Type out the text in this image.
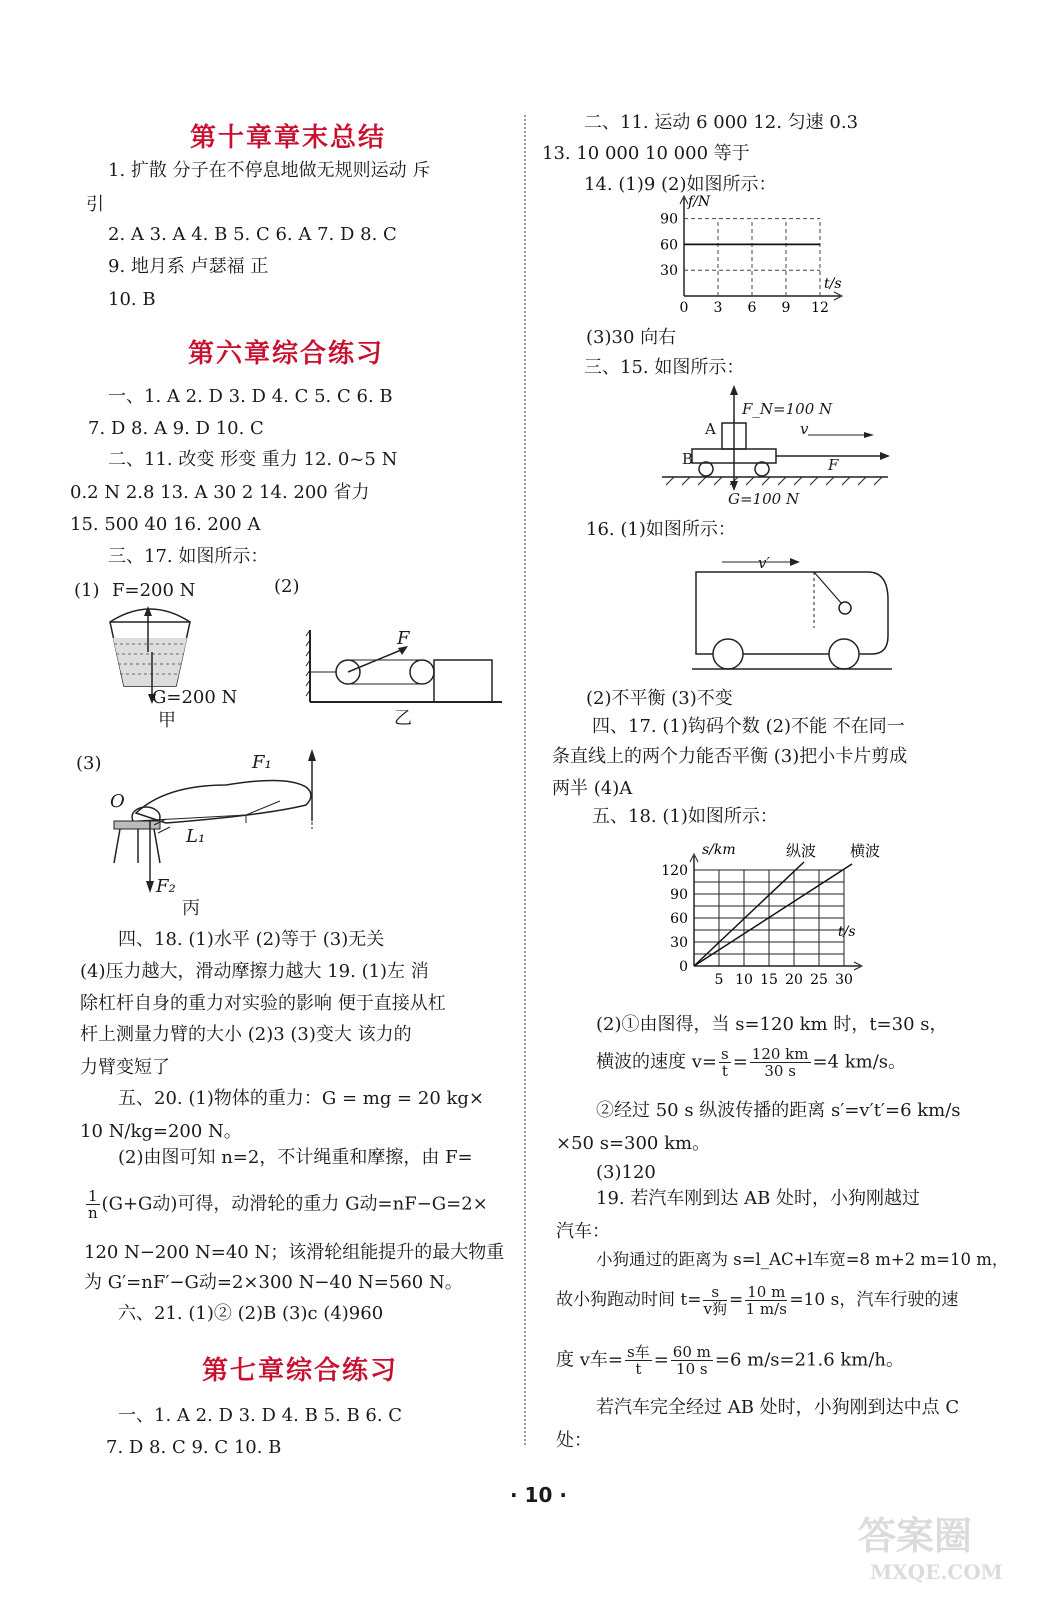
第十章章末总结
1. 扩散 分子在不停息地做无规则运动 斥
引
2. A 3. A 4. B 5. C 6. A 7. D 8. C
9. 地月系 卢瑟福 正
10. B
第六章综合练习
一、1. A 2. D 3. D 4. C 5. C 6. B
7. D 8. A 9. D 10. C
二、11. 改变 形变 重力 12. 0~5 N
0.2 N 2.8 13. A 30 2 14. 200 省力
15. 500 40 16. 200 A
三、17. 如图所示：
(1) F=200 N
G=200 N
甲
(2)
F
乙
(3)
O
F₁
L₁
F₂
丙
四、18. (1)水平 (2)等于 (3)无关
(4)压力越大，滑动摩擦力越大 19. (1)左 消
除杠杆自身的重力对实验的影响 便于直接从杠
杆上测量力臂的大小 (2)3 (3)变大 该力的
力臂变短了
五、20. (1)物体的重力：G = mg = 20 kg×
10 N/kg=200 N。
(2)由图可知 n=2，不计绳重和摩擦，由 F=
$\frac{1}{n} (G+G$动)可得，动滑轮的重力 G动=nF−G=2×
120 N−200 N=40 N；该滑轮组能提升的最大物重
为 G′=nF′−G动=2×300 N−40 N=560 N。
六、21. (1)② (2)B (3)c (4)960
第七章综合练习
一、1. A 2. D 3. D 4. B 5. B 6. C
7. D 8. C 9. C 10. B
二、11. 运动 6 000 12. 匀速 0.3
13. 10 000 10 000 等于
14. (1)9 (2)如图所示：
30
60
90
0 3 6 9 12
f/N
t/s
(3)30 向右
三、15. 如图所示：
F_N=100 N
A
B
v
F
G=100 N
16. (1)如图所示：
v′
(2)不平衡 (3)不变
四、17. (1)钩码个数 (2)不能 不在同一
条直线上的两个力能否平衡 (3)把小卡片剪成
两半 (4)A
五、18. (1)如图所示：
0
30
60
90
120
5 10 15 20 25 30
纵波 横波
s/km
t/s
(2)①由图得，当 s=120 km 时，t=30 s，
横波的速度 $v= \frac{s}{t} = \frac{120 km}{30 s} =4$ km/s。
②经过 50 s 纵波传播的距离 s′=v′t′=6 km/s
×50 s=300 km。
(3)120
19. 若汽车刚到达 AB 处时，小狗刚越过
汽车：
小狗通过的距离为 s=l_AC+l车宽=8 m+2 m=10 m，
故小狗跑动时间 $t= \frac{s}{\text{v狗}} = \frac{10 m}{1 m/s} =10$ s，汽车行驶的速
度 v车= $\frac{\text{s车}}{t} = \frac{60 m}{10 s} =6$ m/s=21.6 km/h。
若汽车完全经过 AB 处时，小狗刚到达中点 C
处：
· 10 ·
答案圈
MXQE.COM
